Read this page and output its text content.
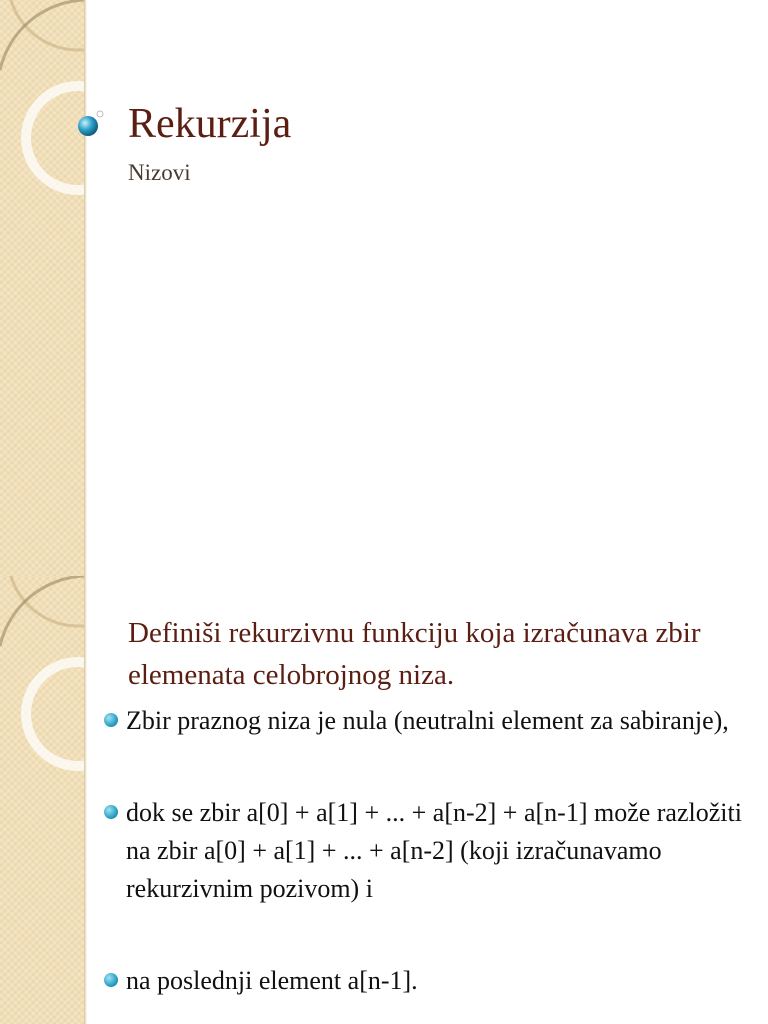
Rekurzija

Nizovi

Definiši rekurzivnu funkciju koja izračunava zbir elemenata celobrojnog niza.
Zbir praznog niza je nula (neutralni element za sabiranje),
dok se zbir a[0] + a[1] + ... + a[n-2] + a[n-1] može razložiti na zbir a[0] + a[1] + ... + a[n-2] (koji izračunavamo rekurzivnim pozivom) i
na poslednji element a[n-1].
